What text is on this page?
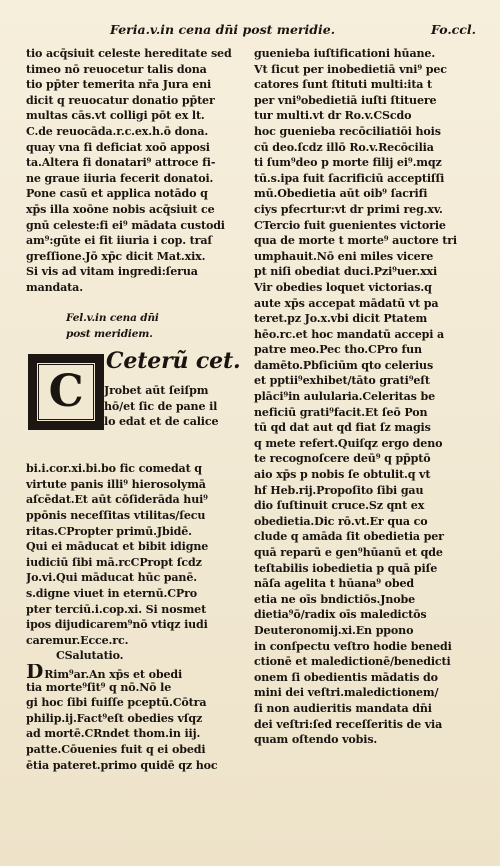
Feria.v.in cena dn̄i post meridie.	Fo.ccl.
tio acq̄siuit celeste hereditate sed
timeo nō reuocetur talis dona
tio pp̄ter temerita nr̄a Jura eni
dicit q reuocatur donatio pp̄ter
multas cās.vt colligi pōt ex lt.
C.de reuocāda.r.c.ex.h.ō dona.
quay vna fi deficiat xoō apposi
ta.Altera fi donatari⁹ attroce fi-
ne graue iiuria fecerit donatoi.
Pone casū et applica notādo q
xp̄s illa xoōne nobis acq̄siuit ce
gnū celeste:fi ei⁹ mādata custodi
am⁹:gūte ei fit iiuria i cop. traſ
greſſione.Jō xp̄c dicit Mat.xix.
Si vis ad vitam ingredi:ſerua
mandata.
Fel.v.in cena dn̄i
post meridiem.
C
Ceterũ cet.
Jrobet aūt ſeiſpm
hō/et ſic de pane il
lo edat et de calice
bi.i.cor.xi.bi.bo fic comedat q
virtute panis illi⁹ hierosolymā
aſcēdat.Et aūt cōſiderāda hui⁹
ppōnis neceſſitas vtilitas/ſecu
ritas.CPropter primū.Jbidē.
Qui ei māducat et bibit idigne
iudiciū ſibi mā.rcCPropt ſcdz
Jo.vi.Qui māducat hūc panē.
s.digne viuet in eternū.CPro
pter terciū.i.cop.xi. Si nosmet
ipos dijudicarem⁹nō vtiqz iudi
caremur.Ecce.rc.
CSalutatio.
DRim⁹ar.An xp̄s et obedi
tia morte⁹ſit⁹ q nō.Nō le
gi hoc ſibi fuiſſe pceptū.Cōtra
philip.ij.Fact⁹eſt obedies vſqz
ad mortē.CRndet thom.in iij.
patte.Cōuenies fuit q ei obedi
ētia pateret.primo quidē qz hoc
guenieba iuſtificationi hūane.
Vt ſicut per inobedietiā vni⁹ pec
catores ſunt ſtituti multi:ita t
per vni⁹obedietiā iuſti ſtituere
tur multi.vt dr Ro.v.CScdo
hoc guenieba recōciliatiōi hois
cū deo.ſcdz illō Ro.v.Recōcilia
ti ſum⁹deo p morte filij ei⁹.mqz
tū.s.ipa fuit ſacrificiū acceptiſſi
mū.Obedietia aūt oib⁹ ſacrifi
ciys pfecrtur:vt dr primi reg.xv.
CTercio fuit guenientes victorie
qua de morte t morte⁹ auctore tri
umphauit.Nō eni miles vicere
pt niſi obediat duci.Pzi⁹uer.xxi
Vir obedies loquet victorias.q
aute xp̄s accepat mādatū vt pa
teret.pz Jo.x.vbi dicit Ptatem
hēo.rc.et hoc mandatū accepi a
patre meo.Pec tho.CPro fun
damēto.Pbſiciūm qto celerius
et pptii⁹exhibet/tāto grati⁹eſt
plāci⁹in aulularia.Celeritas be
neficiū grati⁹facit.Et ſeō Pon
tū qd dat aut qd fiat ſz magis
q mete refert.Quiſqz ergo deno
te recognoſcere deū⁹ q pp̄ptō
aio xp̄s p nobis ſe obtulit.q vt
hf Heb.rij.Propoſito ſibi gau
dio ſuſtinuit cruce.Sz qnt ex
obedietia.Dic rō.vt.Er qua co
clude q amāda ſit obedietia per
quā reparū e gen⁹hūanū et qde
teſtabilis iobedietia p quā piſe
nāſa agelita t hūana⁹ obed
etia ne oīs bndictiōs.Jnobe
dietia⁹ō/radix oīs maledictōs
Deuteronomij.xi.En ppono
in conſpectu veſtro hodie benedi
ctionē et maledictionē/benedicti
onem ſi obedientis mādatis do
mini dei veſtri.maledictionem/
ſi non audieritis mandata dn̄i
dei veſtri:ſed receſſeritis de via
quam oſtendo vobis.
